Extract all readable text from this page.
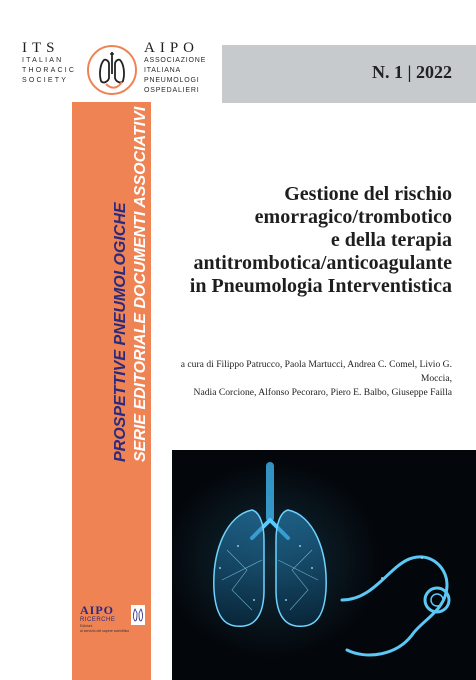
ITS
ITALIAN
THORACIC
SOCIETY
AIPO
ASSOCIAZIONE
ITALIANA
PNEUMOLOGI
OSPEDALIERI
N. 1 | 2022
PROSPETTIVE PNEUMOLOGICHE SERIE EDITORIALE DOCUMENTI ASSOCIATIVI	Gestione del rischio
emorragico/trombotico
e della terapia
antitrombotica/anticoagulante
in Pneumologia Interventistica
a cura di Filippo Patrucco, Paola Martucci, Andrea C. Comel, Livio G. Moccia,
Nadia Corcione, Alfonso Pecoraro, Piero E. Balbo, Giuseppe Failla
AIPO
RICERCHE
Edizioni
al servizio del sapere scientifico
